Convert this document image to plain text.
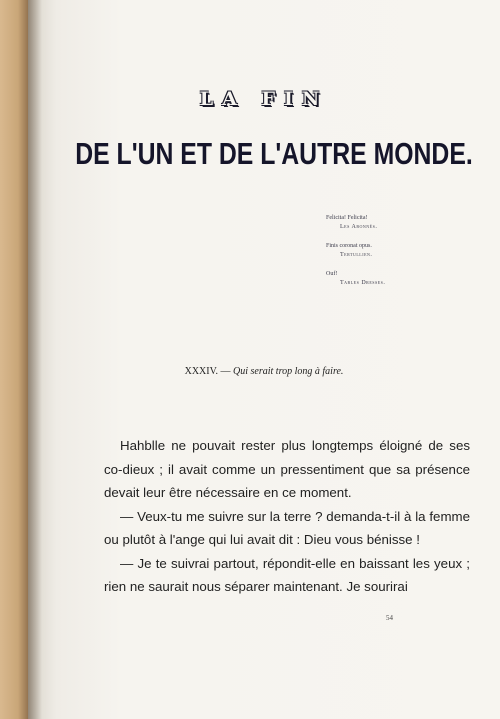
LA FIN
DE L'UN ET DE L'AUTRE MONDE.
Felicita! Felicita!
Les Abonnés.
Finis coronat opus.
Tertullien.
Ouf!
Tables Dresses.
XXXIV. — Qui serait trop long à faire.

Hahblle ne pouvait rester plus longtemps éloigné de ses co-dieux ; il avait comme un pressentiment que sa présence devait leur être nécessaire en ce moment.

— Veux-tu me suivre sur la terre ? demanda-t-il à la femme ou plutôt à l'ange qui lui avait dit : Dieu vous bénisse !

— Je te suivrai partout, répondit-elle en baissant les yeux ; rien ne saurait nous séparer maintenant. Je sourirai

54
